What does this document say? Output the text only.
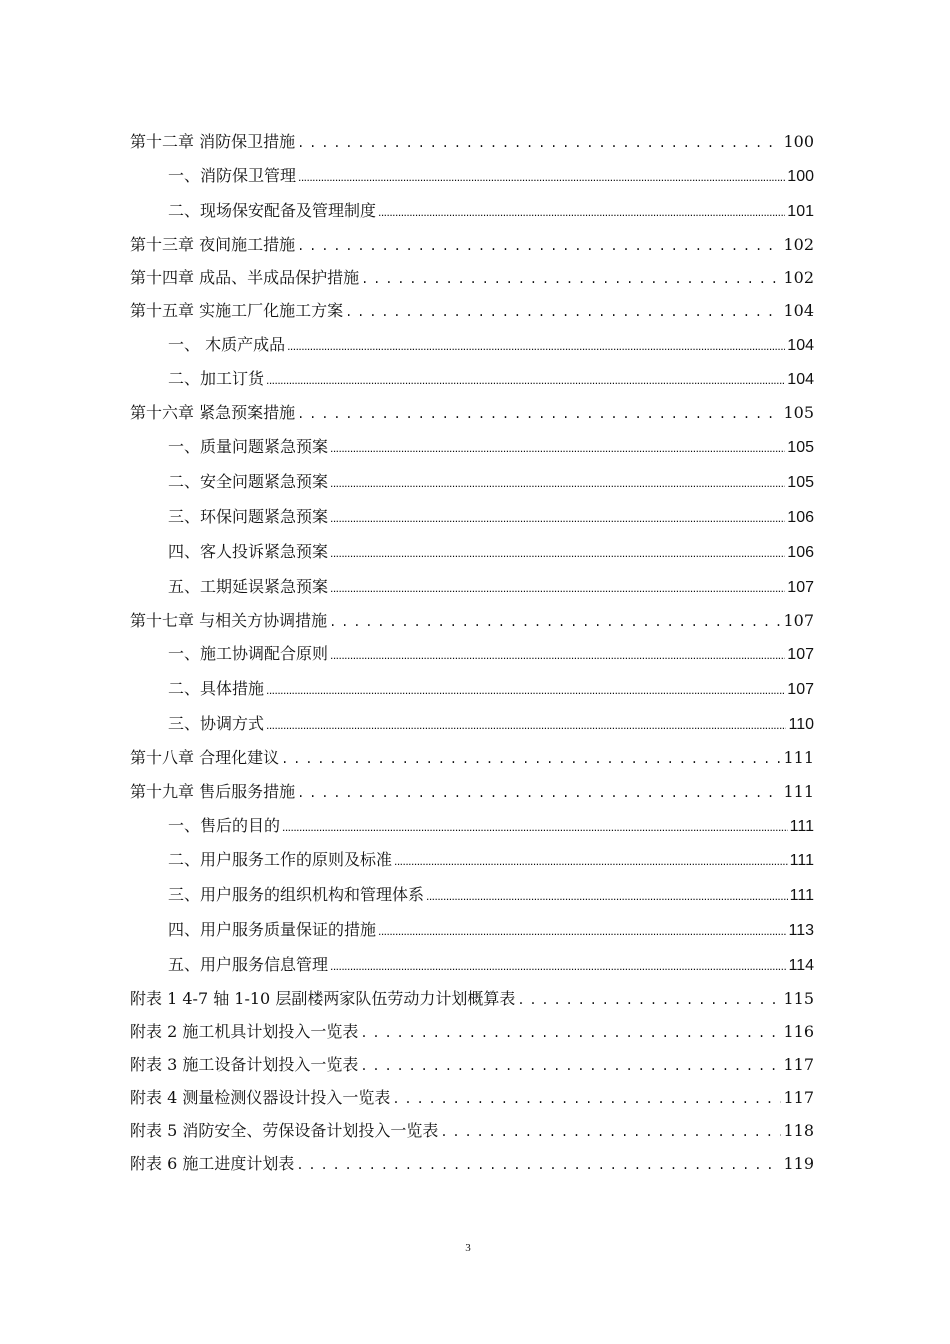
第十二章 消防保卫措施 . . .	100
一、消防保卫管理 .....	100
二、现场保安配备及管理制度 .....	101
第十三章 夜间施工措施 . . .	102
第十四章 成品、半成品保护措施 . . .	102
第十五章 实施工厂化施工方案 . . .	104
一、 木质产成品 .....	104
二、加工订货 .....	104
第十六章 紧急预案措施 . . .	105
一、质量问题紧急预案 .....	105
二、安全问题紧急预案 .....	105
三、环保问题紧急预案 .....	106
四、客人投诉紧急预案 .....	106
五、工期延误紧急预案 .....	107
第十七章 与相关方协调措施 . . .	107
一、施工协调配合原则 .....	107
二、具体措施 .....	107
三、协调方式 .....	110
第十八章 合理化建议 . . .	111
第十九章 售后服务措施 . . .	111
一、售后的目的 .....	111
二、用户服务工作的原则及标准 .....	111
三、用户服务的组织机构和管理体系 .....	111
四、用户服务质量保证的措施 .....	113
五、用户服务信息管理 .....	114
附表 1 4-7 轴 1-10 层副楼两家队伍劳动力计划概算表 . . .	115
附表 2 施工机具计划投入一览表 . . .	116
附表 3 施工设备计划投入一览表 . . .	117
附表 4 测量检测仪器设计投入一览表 . . .	117
附表 5 消防安全、劳保设备计划投入一览表 . . .	118
附表 6 施工进度计划表 . . .	119
3
